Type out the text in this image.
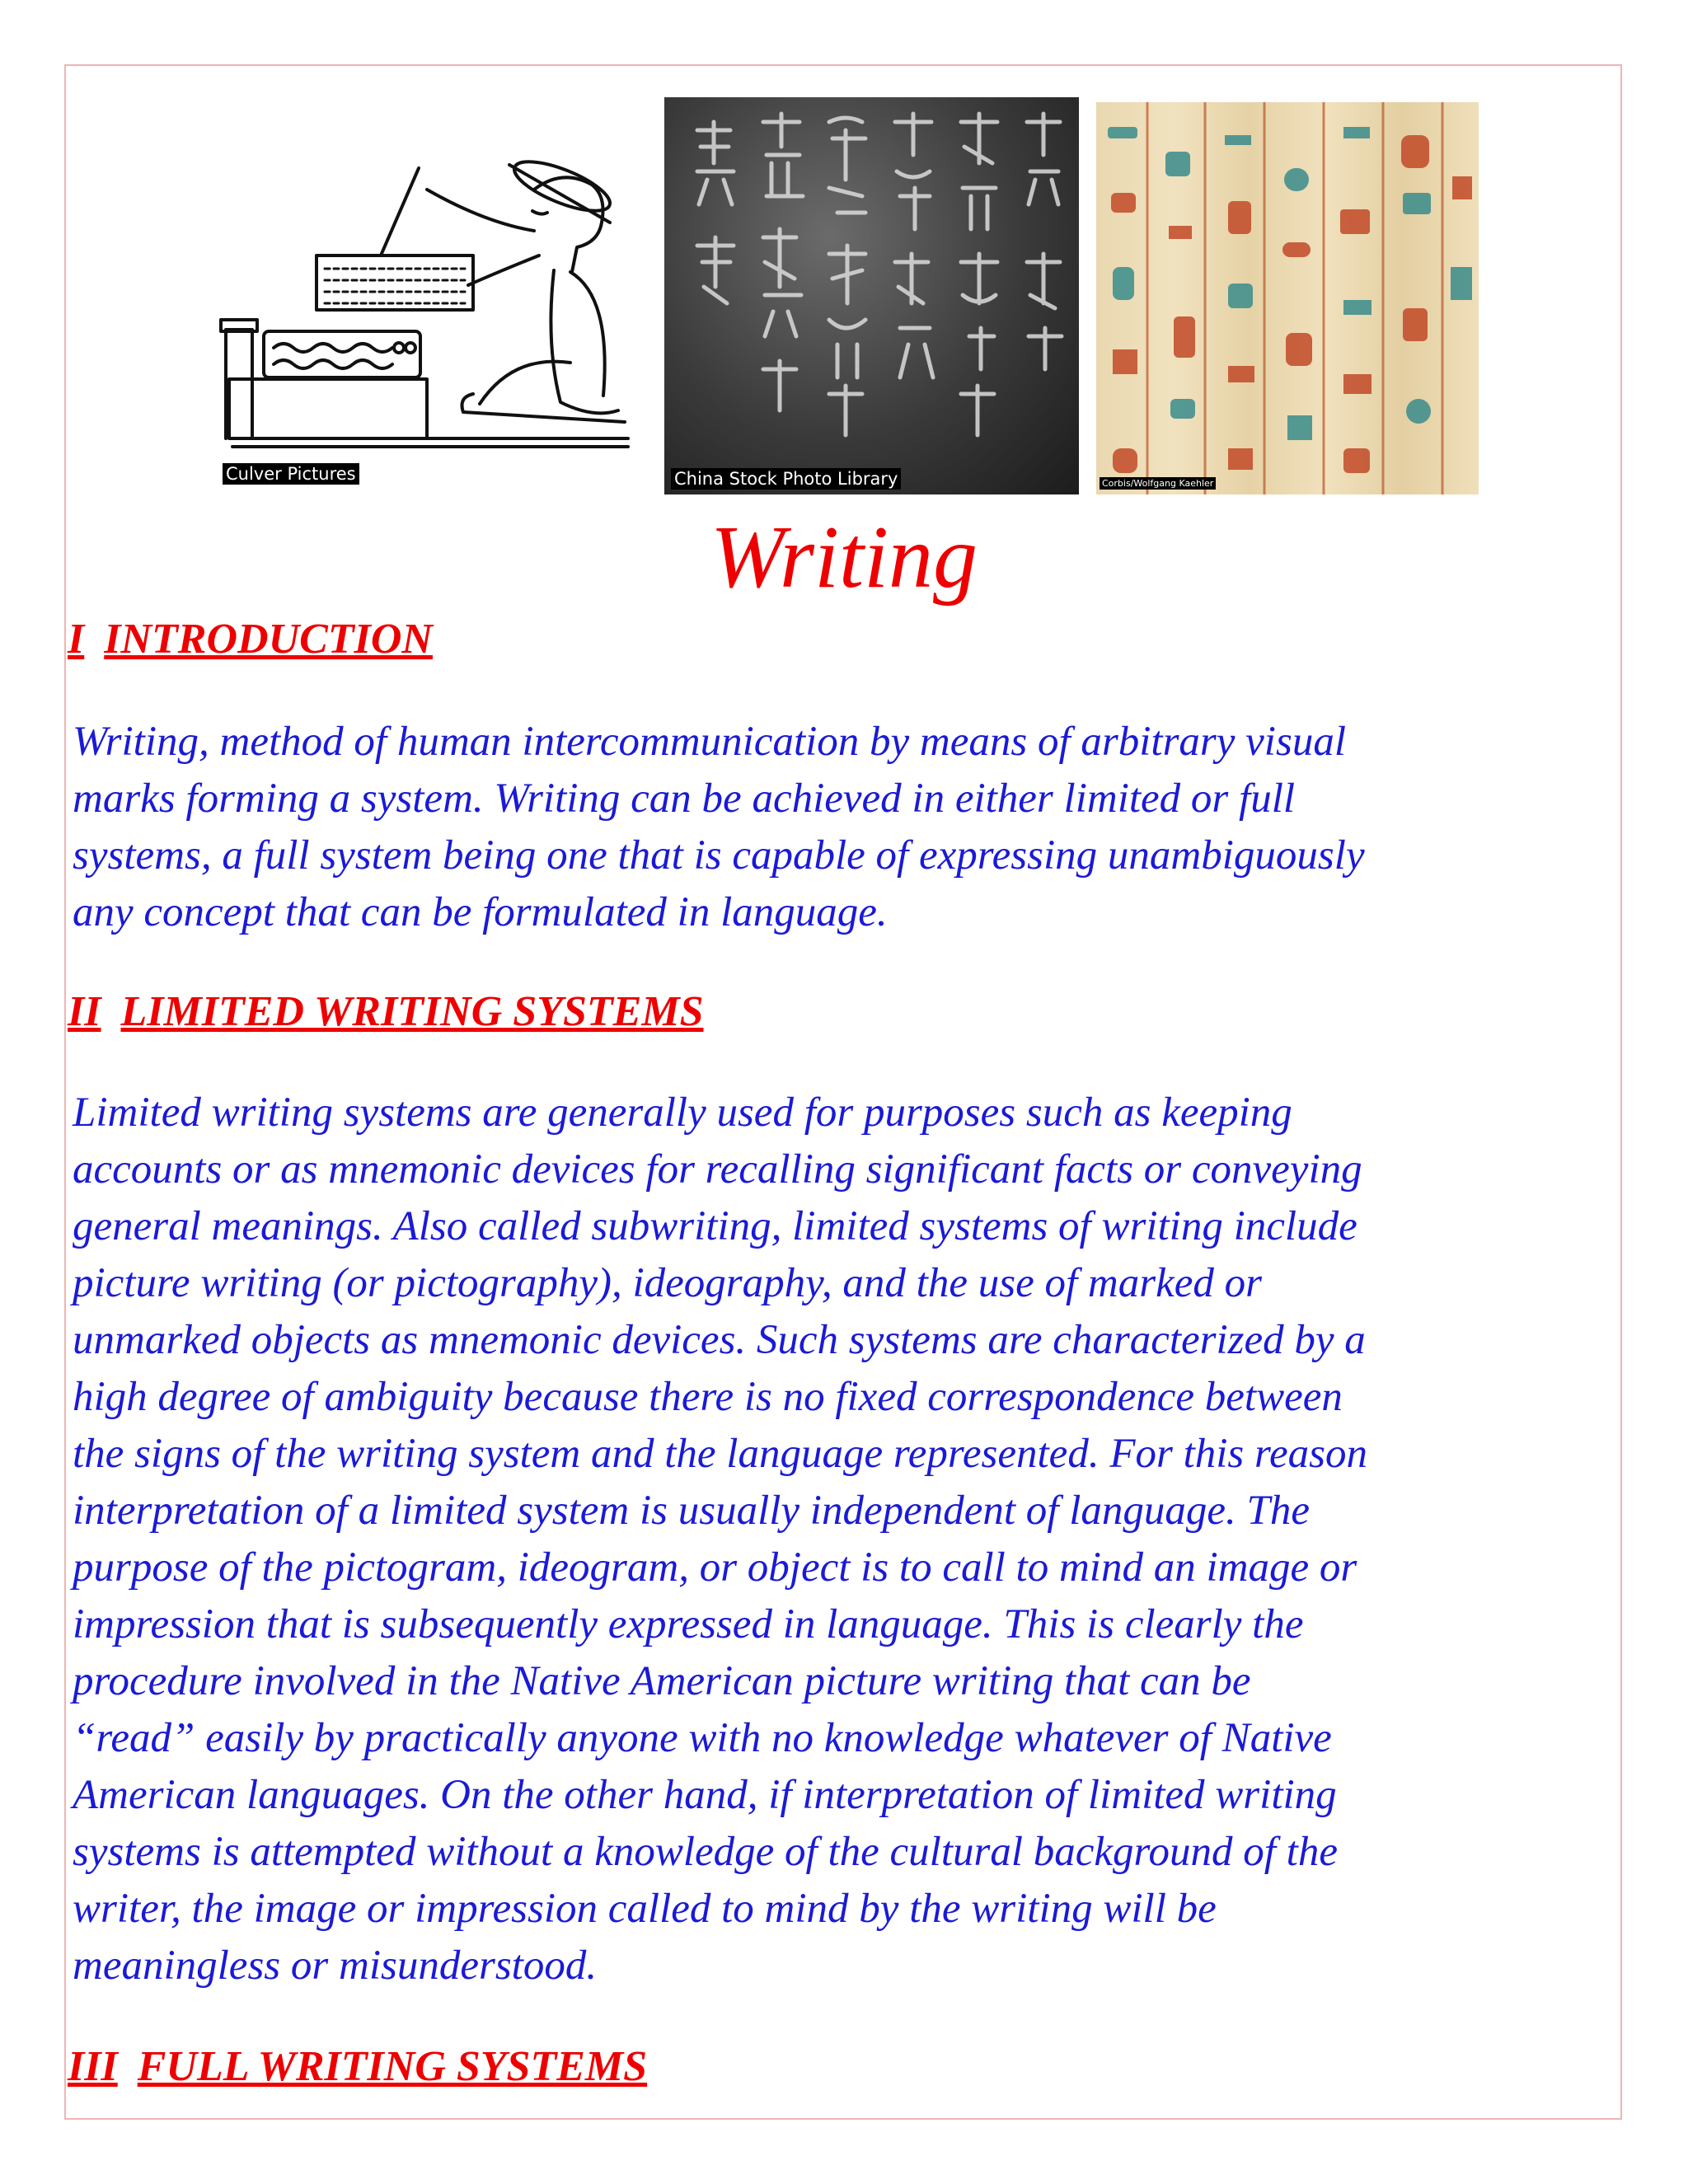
Culver Pictures	China Stock Photo Library	Corbis/Wolfgang Kaehler
Writing
I INTRODUCTION

Writing, method of human intercommunication by means of arbitrary visual
marks forming a system. Writing can be achieved in either limited or full
systems, a full system being one that is capable of expressing unambiguously
any concept that can be formulated in language.

II LIMITED WRITING SYSTEMS

Limited writing systems are generally used for purposes such as keeping
accounts or as mnemonic devices for recalling significant facts or conveying
general meanings. Also called subwriting, limited systems of writing include
picture writing (or pictography), ideography, and the use of marked or
unmarked objects as mnemonic devices. Such systems are characterized by a
high degree of ambiguity because there is no fixed correspondence between
the signs of the writing system and the language represented. For this reason
interpretation of a limited system is usually independent of language. The
purpose of the pictogram, ideogram, or object is to call to mind an image or
impression that is subsequently expressed in language. This is clearly the
procedure involved in the Native American picture writing that can be
“read” easily by practically anyone with no knowledge whatever of Native
American languages. On the other hand, if interpretation of limited writing
systems is attempted without a knowledge of the cultural background of the
writer, the image or impression called to mind by the writing will be
meaningless or misunderstood.

III FULL WRITING SYSTEMS
